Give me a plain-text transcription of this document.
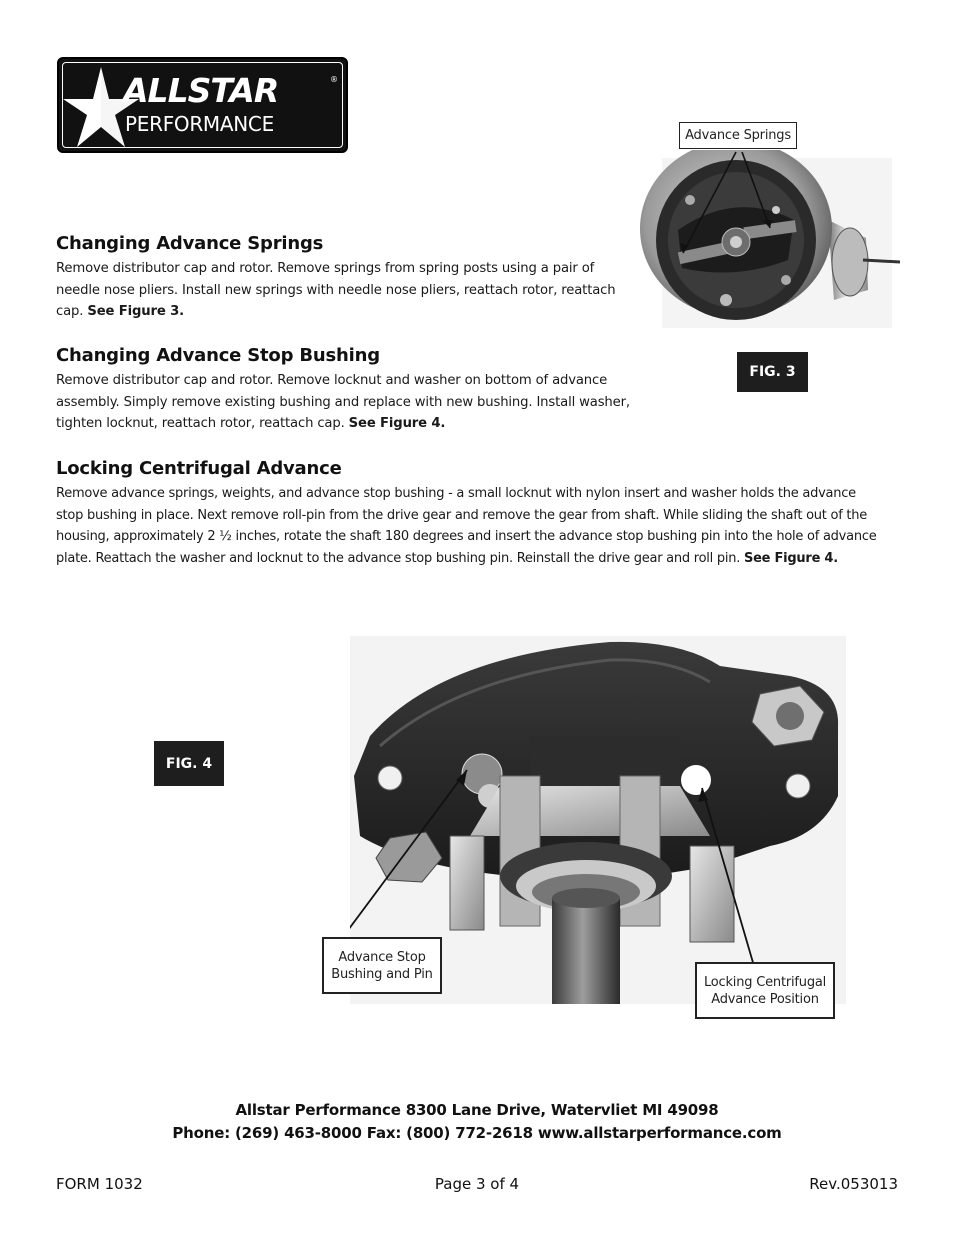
ALLSTAR
PERFORMANCE
®
Advance Springs
FIG. 3
Changing Advance Springs

Remove distributor cap and rotor. Remove springs from spring posts using a pair of
needle nose pliers. Install new springs with needle nose pliers, reattach rotor, reattach
cap. See Figure 3.

Changing Advance Stop Bushing

Remove distributor cap and rotor. Remove locknut and washer on bottom of advance
assembly. Simply remove existing bushing and replace with new bushing. Install washer,
tighten locknut, reattach rotor, reattach cap. See Figure 4.

Locking Centrifugal Advance

Remove advance springs, weights, and advance stop bushing - a small locknut with nylon insert and washer holds the advance
stop bushing in place. Next remove roll-pin from the drive gear and remove the gear from shaft. While sliding the shaft out of the
housing, approximately 2 ½ inches, rotate the shaft 180 degrees and insert the advance stop bushing pin into the hole of advance
plate. Reattach the washer and locknut to the advance stop bushing pin. Reinstall the drive gear and roll pin. See Figure 4.

FIG. 4
Advance Stop
Bushing and Pin
Locking Centrifugal
Advance Position

Allstar Performance 8300 Lane Drive, Watervliet MI 49098

Phone: (269) 463-8000 Fax: (800) 772-2618 www.allstarperformance.com

FORM 1032	Page 3 of 4	Rev.053013
